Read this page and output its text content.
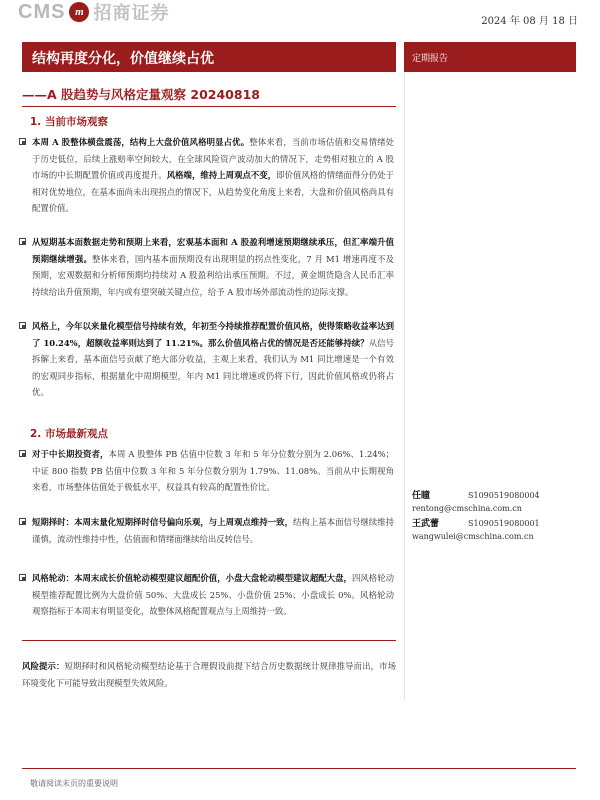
CMS m 招商证券	2024 年 08 月 18 日
结构再度分化，价值继续占优	定期报告
——A 股趋势与风格定量观察 20240818
1. 当前市场观察
本周 A 股整体横盘震荡，结构上大盘价值风格明显占优。整体来看，当前市场估值和交易情绪处于历史低位，后续上涨赔率空间较大，在全球风险资产波动加大的情况下，走势相对独立的 A 股市场的中长期配置价值或再度提升。风格端，维持上周观点不变，即价值风格的情绪面得分仍处于相对优势地位，在基本面尚未出现拐点的情况下，从趋势变化角度上来看，大盘和价值风格尚具有配置价值。
从短期基本面数据走势和预期上来看，宏观基本面和 A 股盈利增速预期继续承压，但汇率端升值预期继续增强。整体来看，国内基本面预期没有出现明显的拐点性变化，7 月 M1 增速再度不及预期，宏观数据和分析师预期均持续对 A 股盈利给出承压预期。不过，黄金期货隐含人民币汇率持续给出升值预期，年内或有望突破关键点位，给予 A 股市场外部流动性的边际支撑。
风格上，今年以来量化模型信号持续有效，年初至今持续推荐配置价值风格，使得策略收益率达到了 10.24%，超额收益率则达到了 11.21%。那么价值风格占优的情况是否还能够持续？从信号拆解上来看，基本面信号贡献了绝大部分收益，主观上来看，我们认为 M1 同比增速是一个有效的宏观同步指标，根据量化中周期模型，年内 M1 同比增速或仍将下行，因此价值风格或仍将占优。
2. 市场最新观点
对于中长期投资者，本周 A 股整体 PB 估值中位数 3 年和 5 年分位数分别为 2.06%、1.24%；中证 800 指数 PB 估值中位数 3 年和 5 年分位数分别为 1.79%、11.08%。当前从中长期视角来看，市场整体估值处于极低水平，权益具有较高的配置性价比。
短期择时：本周末量化短期择时信号偏向乐观，与上周观点维持一致，结构上基本面信号继续维持谨慎，流动性维持中性，估值面和情绪面继续给出反转信号。
风格轮动：本周末成长价值轮动模型建议超配价值，小盘大盘轮动模型建议超配大盘，四风格轮动模型推荐配置比例为大盘价值 50%、大盘成长 25%、小盘价值 25%、小盘成长 0%。风格轮动观察指标于本周末有明显变化，故整体风格配置观点与上周维持一致。
风险提示：短期择时和风格轮动模型结论基于合理假设前提下结合历史数据统计规律推导而出，市场环境变化下可能导致出现模型失效风险。
任瞳	S1090519080004
rentong@cmschina.com.cn
王武蕾	S1090519080001
wangwulei@cmschina.com.cn
敬请阅读末页的重要说明
